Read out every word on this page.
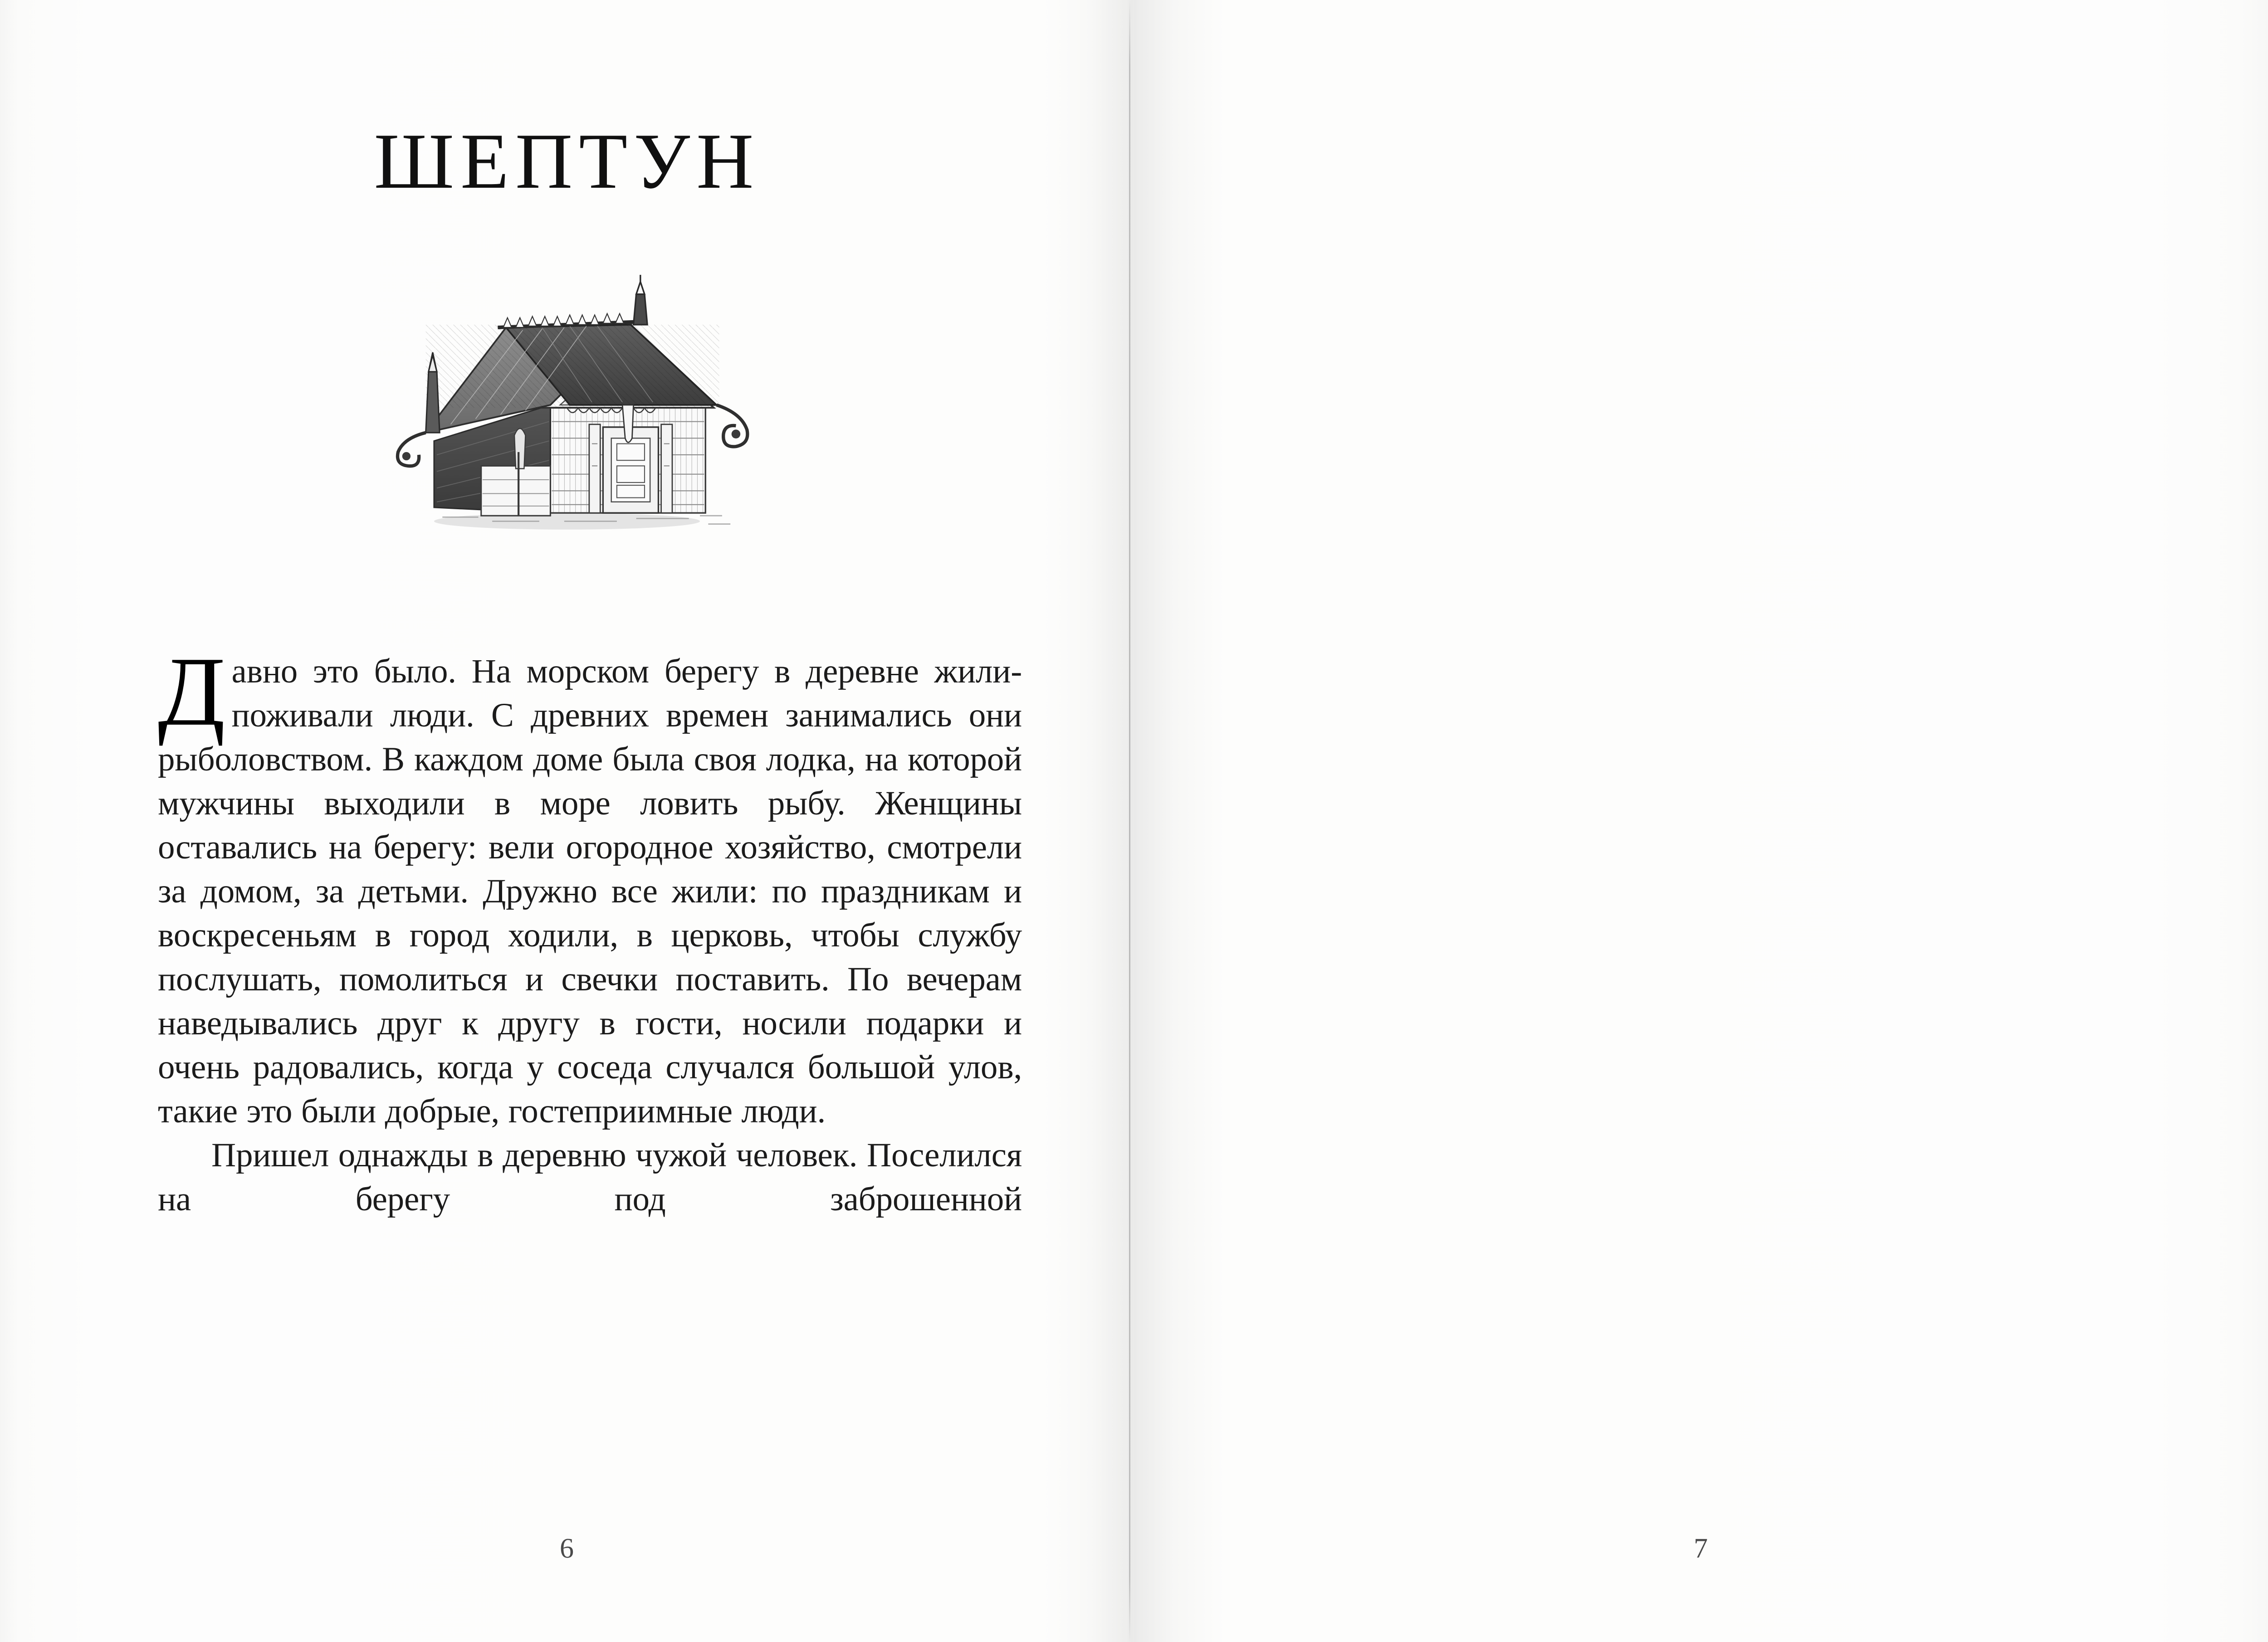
ШЕПТУН

Давно это было. На морском берегу в деревне жили-поживали люди. С древних времен занимались они рыболовством. В каждом доме была своя лодка, на которой мужчины выходили в море ловить рыбу. Женщины оставались на берегу: вели огородное хозяйство, смотрели за домом, за детьми. Дружно все жили: по праздникам и воскресеньям в город ходили, в церковь, чтобы службу послушать, помолиться и свечки поставить. По вечерам наведывались друг к другу в гости, носили подарки и очень радовались, когда у соседа случался большой улов, такие это были добрые, гостеприимные люди.

Пришел однажды в деревню чужой человек. Поселился на берегу под заброшенной

6	7
